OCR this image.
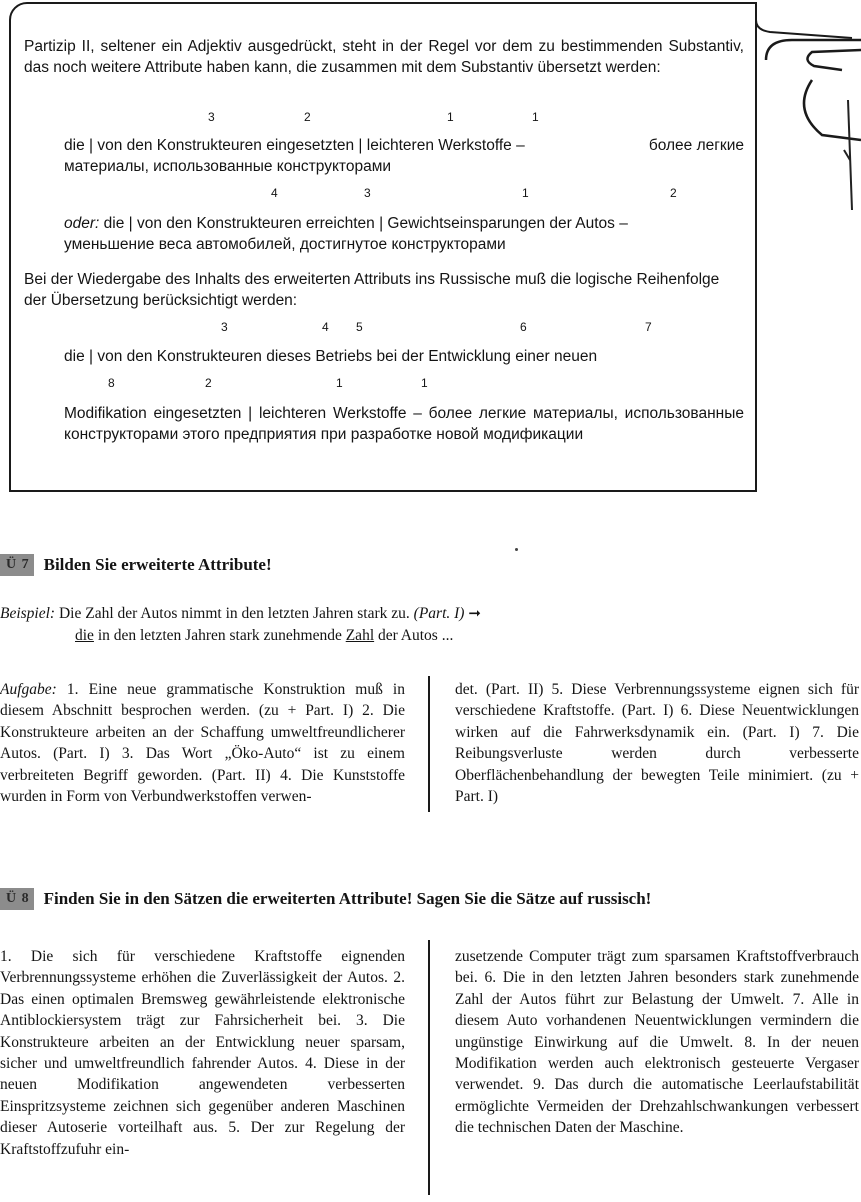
Partizip II, seltener ein Adjektiv ausgedrückt, steht in der Regel vor dem zu bestimmenden Substantiv, das noch weitere Attribute haben kann, die zusammen mit dem Substantiv übersetzt werden:
3	2	1	1
die | von den Konstrukteuren eingesetzten | leichteren Werkstoffe –	более легкие
материалы, использованные конструкторами
4	3	1	2
oder: die | von den Konstrukteuren erreichten | Gewichtseinsparungen der Autos –
уменьшение веса автомобилей, достигнутое конструкторами
Bei der Wiedergabe des Inhalts des erweiterten Attributs ins Russische muß die logische Reihenfolge der Übersetzung berücksichtigt werden:
3	4 5	6	7
die | von den Konstrukteuren dieses Betriebs bei der Entwicklung einer neuen
8	2	1	1
Modifikation eingesetzten | leichteren Werkstoffe – более легкие материалы, использованные конструкторами этого предприятия при разработке новой модификации
Ü 7 Bilden Sie erweiterte Attribute!
Beispiel: Die Zahl der Autos nimmt in den letzten Jahren stark zu. (Part. I) ➞
die in den letzten Jahren stark zunehmende Zahl der Autos ...
Aufgabe: 1. Eine neue grammatische Konstruktion muß in diesem Abschnitt besprochen werden. (zu + Part. I) 2. Die Konstrukteure arbeiten an der Schaffung umweltfreundlicherer Autos. (Part. I) 3. Das Wort „Öko-Auto“ ist zu einem verbreiteten Begriff geworden. (Part. II) 4. Die Kunststoffe wurden in Form von Verbundwerkstoffen verwen-
det. (Part. II) 5. Diese Verbrennungssysteme eignen sich für verschiedene Kraftstoffe. (Part. I) 6. Diese Neuentwicklungen wirken auf die Fahrwerksdynamik ein. (Part. I) 7. Die Reibungsverluste werden durch verbesserte Oberflächenbehandlung der bewegten Teile minimiert. (zu + Part. I)
Ü 8 Finden Sie in den Sätzen die erweiterten Attribute! Sagen Sie die Sätze auf russisch!
1. Die sich für verschiedene Kraftstoffe eignenden Verbrennungssysteme erhöhen die Zuverlässigkeit der Autos. 2. Das einen optimalen Bremsweg gewährleistende elektronische Antiblockiersystem trägt zur Fahrsicherheit bei. 3. Die Konstrukteure arbeiten an der Entwicklung neuer sparsam, sicher und umweltfreundlich fahrender Autos. 4. Diese in der neuen Modifikation angewendeten verbesserten Einspritzsysteme zeichnen sich gegenüber anderen Maschinen dieser Autoserie vorteilhaft aus. 5. Der zur Regelung der Kraftstoffzufuhr ein-
zusetzende Computer trägt zum sparsamen Kraftstoffverbrauch bei. 6. Die in den letzten Jahren besonders stark zunehmende Zahl der Autos führt zur Belastung der Umwelt. 7. Alle in diesem Auto vorhandenen Neuentwicklungen vermindern die ungünstige Einwirkung auf die Umwelt. 8. In der neuen Modifikation werden auch elektronisch gesteuerte Vergaser verwendet. 9. Das durch die automatische Leerlaufstabilität ermöglichte Vermeiden der Drehzahlschwankungen verbessert die technischen Daten der Maschine.
